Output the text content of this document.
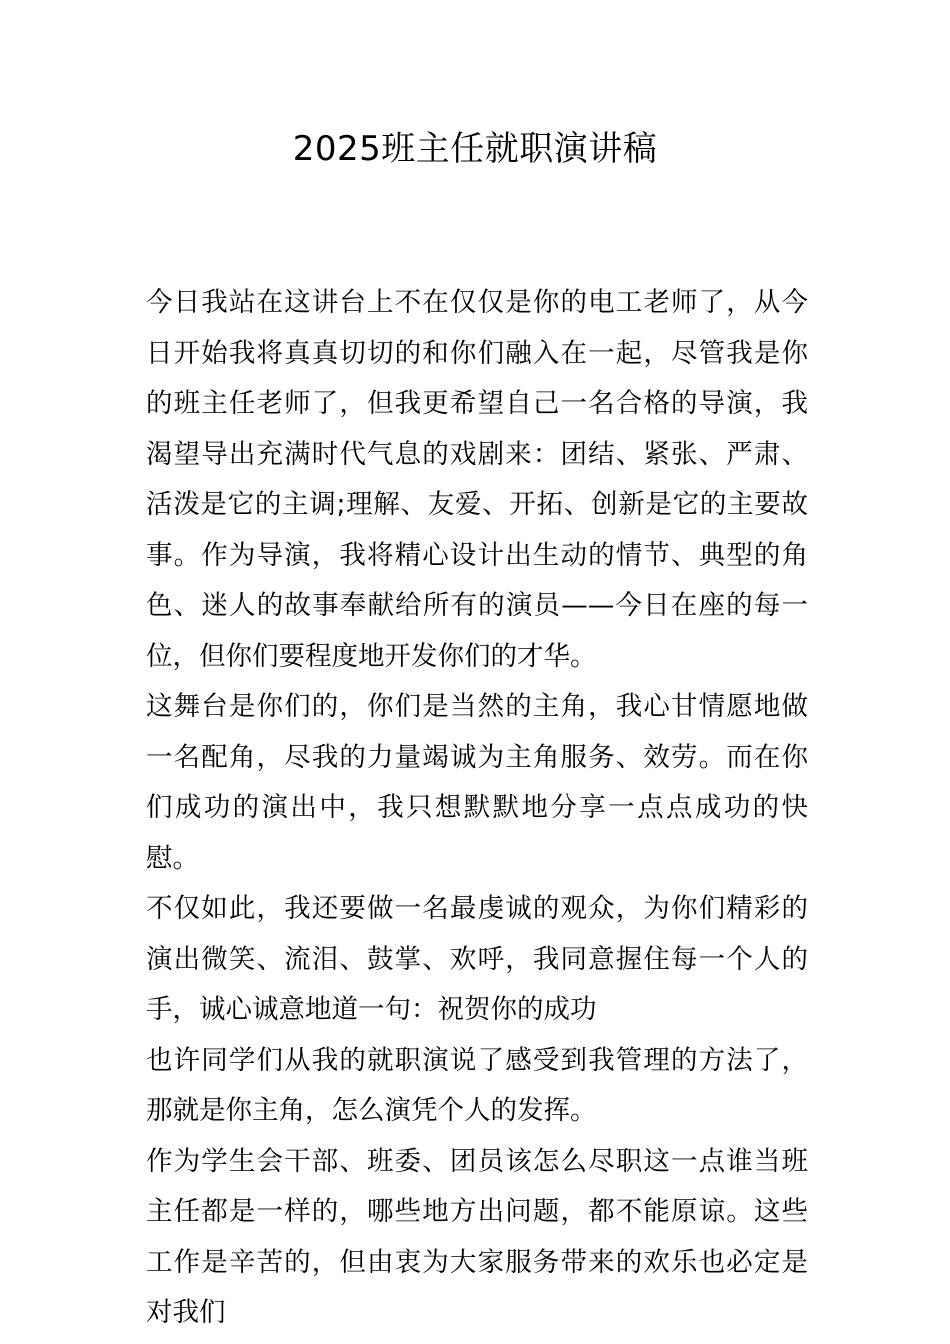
2025班主任就职演讲稿

今日我站在这讲台上不在仅仅是你的电工老师了，从今日开始我将真真切切的和你们融入在一起，尽管我是你的班主任老师了，但我更希望自己一名合格的导演，我渴望导出充满时代气息的戏剧来：团结、紧张、严肃、活泼是它的主调;理解、友爱、开拓、创新是它的主要故事。作为导演，我将精心设计出生动的情节、典型的角色、迷人的故事奉献给所有的演员——今日在座的每一位，但你们要程度地开发你们的才华。

这舞台是你们的，你们是当然的主角，我心甘情愿地做一名配角，尽我的力量竭诚为主角服务、效劳。而在你们成功的演出中，我只想默默地分享一点点成功的快慰。

不仅如此，我还要做一名最虔诚的观众，为你们精彩的演出微笑、流泪、鼓掌、欢呼，我同意握住每一个人的手，诚心诚意地道一句：祝贺你的成功

也许同学们从我的就职演说了感受到我管理的方法了，那就是你主角，怎么演凭个人的发挥。

作为学生会干部、班委、团员该怎么尽职这一点谁当班主任都是一样的，哪些地方出问题，都不能原谅。这些工作是辛苦的，但由衷为大家服务带来的欢乐也必定是对我们
